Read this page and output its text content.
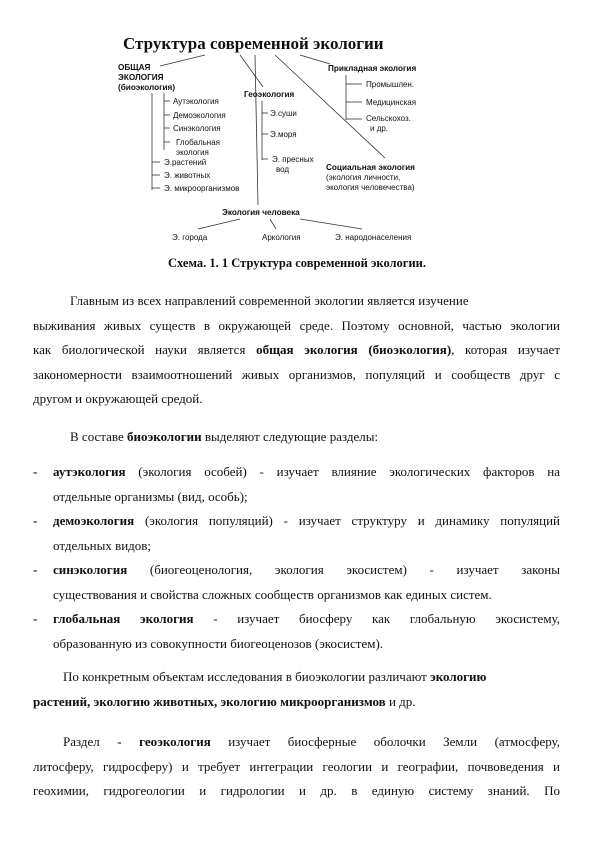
Структура современной экологии
ОБЩАЯ
ЭКОЛОГИЯ
(биоэкология)
Аутэкология
Демоэкология
Синэкология
Глобальная
экология
Э.растений
Э. животных
Э. микроорганизмов
Геоэкология
Э.суши
Э.моря
Э. пресных
вод
Прикладная экология
Промышлен.
Медицинская
Сельскохоз.
и др.
Социальная экология
(экология личности,
экология человечества)
Экология человека
Э. города	Аркология	Э. народонаселения
Схема. 1. 1 Структура современной экологии.

Главным из всех направлений современной экологии является изучение

выживания живых существ в окружающей среде. Поэтому основной, частью экологии

как биологической науки является общая экология (биоэкология), которая изучает

закономерности взаимоотношений живых организмов, популяций и сообществ друг с

другом и окружающей средой.

В составе биоэкологии выделяют следующие разделы:

- аутэкология (экология особей) - изучает влияние экологических факторов на

отдельные организмы (вид, особь);

- демоэкология (экология популяций) - изучает структуру и динамику популяций

отдельных видов;

- синэкология (биогеоценология, экология экосистем) - изучает законы

существования и свойства сложных сообществ организмов как единых систем.

- глобальная экология - изучает биосферу как глобальную экосистему,

образованную из совокупности биогеоценозов (экосистем).

По конкретным объектам исследования в биоэкологии различают экологию

растений, экологию животных, экологию микроорганизмов и др.

Раздел - геоэкология изучает биосферные оболочки Земли (атмосферу,

литосферу, гидросферу) и требует интеграции геологии и географии, почвоведения и

геохимии, гидрогеологии и гидрологии и др. в единую систему знаний. По
